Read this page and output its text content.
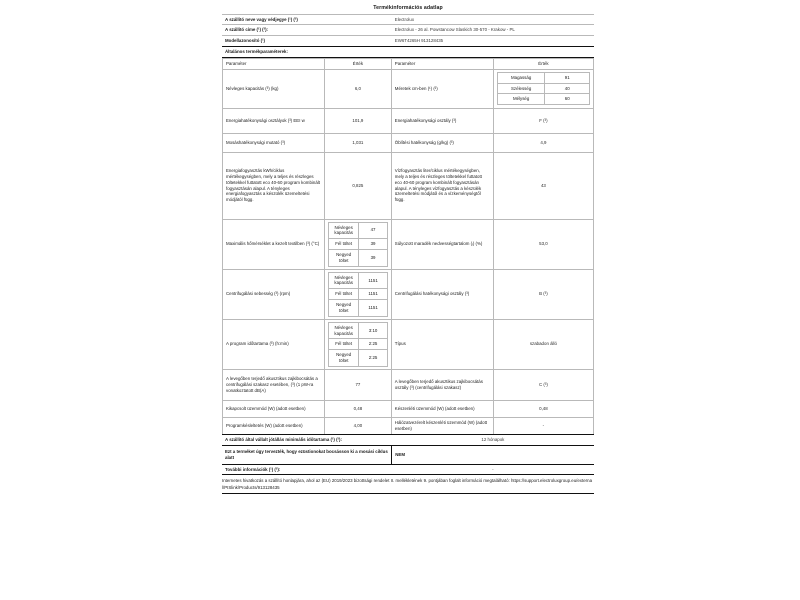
Termékinformációs adatlap
A szállító neve vagy védjegye (¹) (²)	Electrolux
A szállító címe (¹) (²):	Electrolux - 26 al. Powstancow Slaskich 30-570 - Krakow - PL
Modellazonosító (¹)	EW6T4265H 913128435
Általános termékparaméterek:	
Paraméter	Érték	Paraméter	Érték
Névleges kapacitás (³) (kg)	6,0	Méretek cm-ben (¹) (²)	
Magasság	91
Szélesség	40
Mélység	60

Energiahatékonysági osztályok (³) EEI w	101,9	Energiahatékonysági osztály (³)	F (³)
Mosáshatékonysági mutató (³)	1,031	Öblítési hatékonyság (g/kg) (³)	4,9
Energiafogyasztás kWh/ciklus mértékegységben, mely a teljes és részleges töltetekkel futtatott eco 40-60 program kombinált fogyasztásán alapul. A tényleges energiafogyasztás a készülék üzemeltetési módjától függ.	0,825	Vízfogyasztás liter/ciklus mértékegységben, mely a teljes és részleges töltetekkel futtatott eco 40-60 program kombinált fogyasztásán alapul. A tényleges vízfogyasztás a készülék üzemeltetési módjától és a vízkeménységtől függ.	43
Maximális hőmérséklet a kezelt textilben (³) (°C)	
Névleges kapacitás	47
Fél töltet	39
Negyed töltet	39
	Súlyozott maradék nedvességtartalom (ᵢ) (%)	53,0
Centrifugálási sebesség (³) (rpm)	
Névleges kapacitás	1151
Fél töltet	1151
Negyed töltet	1151
	Centrifugálási hatékonysági osztály (³)	B (³)
A program időtartama (³) (h:min)	
Névleges kapacitás	3:10
Fél töltet	2:25
Negyed töltet	2:25
	Típus	szabadon álló
A levegőben terjedő akusztikus zajkibocsátás a centrifugálási szakasz esetében, (³) (1 pW-ra vonatkoztatott dB(A)	77	A levegőben terjedő akusztikus zajkibocsátás osztály (³) (centrifugálási szakasz)	C (³)
Kikapcsolt üzemmód (W) (adott esetben)	0,48	Készenléti üzemmód (W) (adott esetben)	0,48
Programkésleltetés (W) (adott esetben)	4,00	Hálózatvezérelt készenléti üzemmód (W) (adott esetben)	-
A szállító által vállalt jótállás minimális időtartama (¹) (²):	12 hónapok
Ezt a terméket úgy tervezték, hogy ezüstionokat bocsásson ki a mosási ciklus alatt	NEM
További információk (¹) (²):	-
Internetes hivatkozás a szállító honlapjára, ahol az (EU) 2019/2023 bizottsági rendelet II. mellékletének 9. pontjában foglalt információ megtalálható: https://support.electroluxgroup.eu/external/PISlink/Products/913128435
